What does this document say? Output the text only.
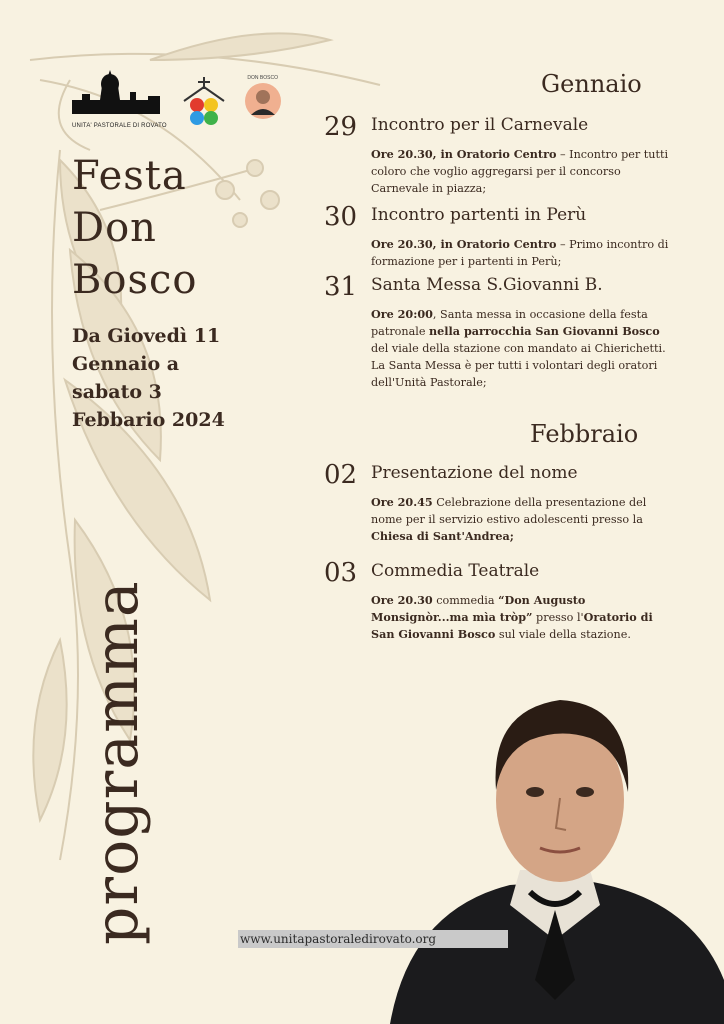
UNITA' PASTORALE DI ROVATO
DON BOSCO
Festa
Don
Bosco
Da Giovedì 11
Gennaio a
sabato 3
Febbario 2024
programma
Gennaio
29 Incontro per il Carnevale
Ore 20.30, in Oratorio Centro – Incontro per tutti coloro che voglio aggregarsi per il concorso Carnevale in piazza;
30 Incontro partenti in Perù
Ore 20.30, in Oratorio Centro – Primo incontro di formazione per i partenti in Perù;
31 Santa Messa S.Giovanni B.
Ore 20:00, Santa messa in occasione della festa patronale nella parrocchia San Giovanni Bosco del viale della stazione con mandato ai Chierichetti. La Santa Messa è per tutti i volontari degli oratori dell'Unità Pastorale;
Febbraio
02 Presentazione del nome
Ore 20.45 Celebrazione della presentazione del nome per il servizio estivo adolescenti presso la Chiesa di Sant'Andrea;
03 Commedia Teatrale
Ore 20.30 commedia “Don Augusto Monsignòr...ma mìa tròp” presso l'Oratorio di San Giovanni Bosco sul viale della stazione.
www.unitapastoraledirovato.org
